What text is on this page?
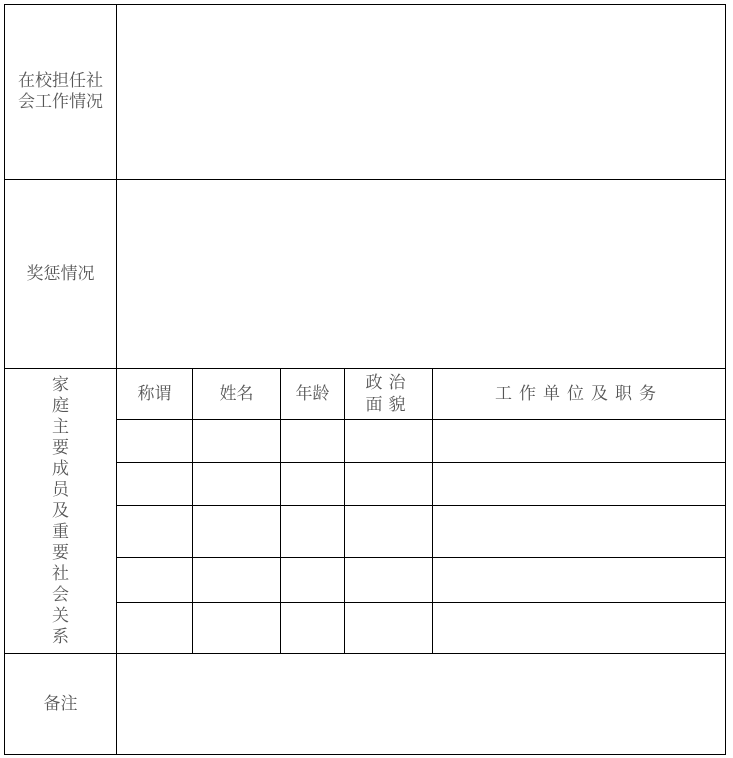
在校担任社会工作情况					
奖惩情况					
家庭主要成员及重要社会关系	称谓	姓名	年龄	政治面貌	工作单位及职务

备注					
